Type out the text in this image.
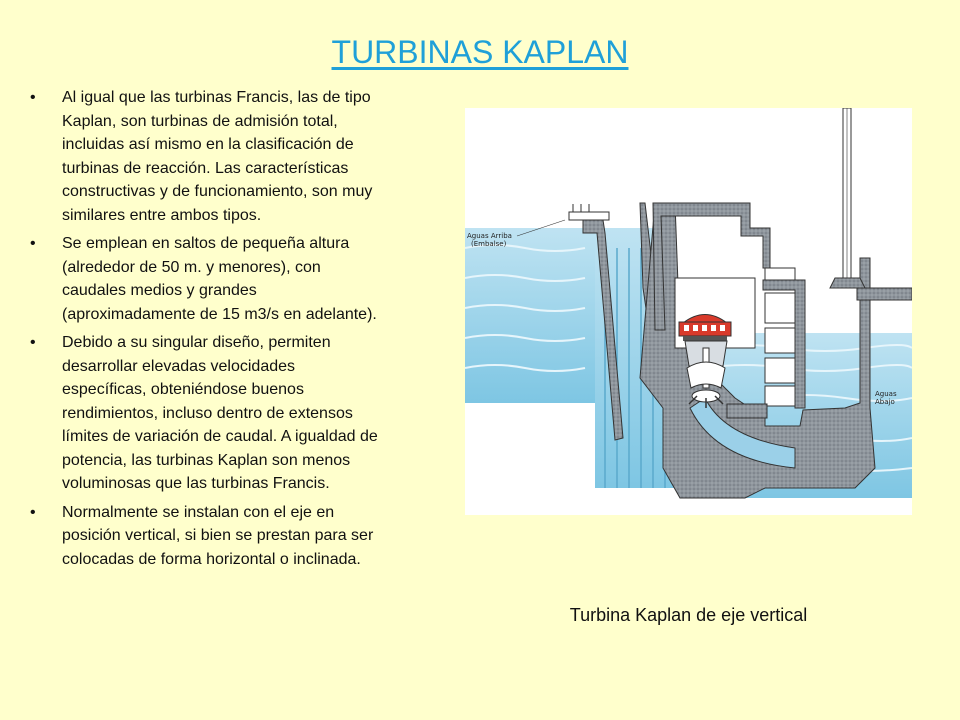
TURBINAS KAPLAN
• Al igual que las turbinas Francis, las de tipo Kaplan, son turbinas de admisión total, incluidas así mismo en la clasificación de turbinas de reacción. Las características constructivas y de funcionamiento, son muy similares entre ambos tipos.
• Se emplean en saltos de pequeña altura (alrededor de 50 m. y menores), con caudales medios y grandes (aproximadamente de 15 m3/s en adelante).
• Debido a su singular diseño, permiten desarrollar elevadas velocidades específicas, obteniéndose buenos rendimientos, incluso dentro de extensos límites de variación de caudal. A igualdad de potencia, las turbinas Kaplan son menos voluminosas que las turbinas Francis.
• Normalmente se instalan con el eje en posición vertical, si bien se prestan para ser colocadas de forma horizontal o inclinada.
Aguas Arriba
(Embalse)
Aguas
Abajo
Turbina Kaplan de eje vertical
